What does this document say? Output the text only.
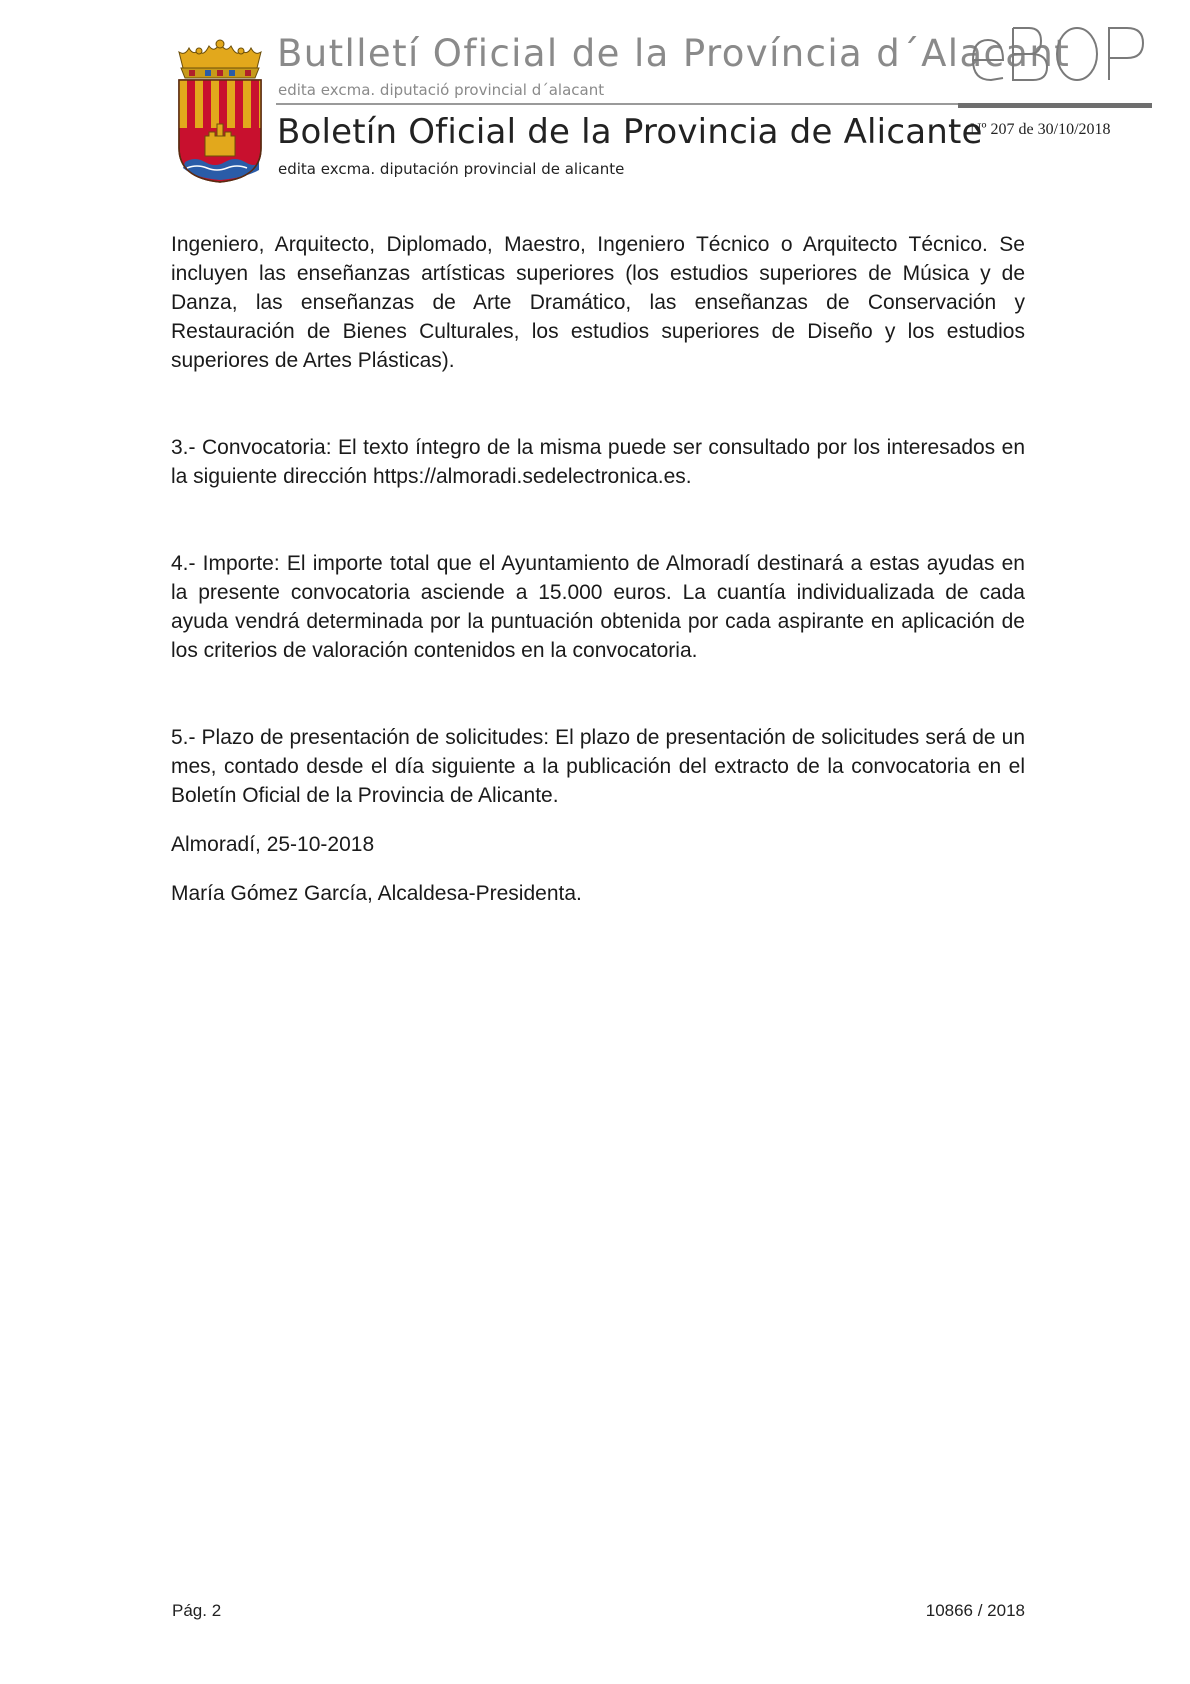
Butlletí Oficial de la Província d´Alacant
edita excma. diputació provincial d´alacant
Boletín Oficial de la Provincia de Alicante
edita excma. diputación provincial de alicante
Nº 207 de 30/10/2018

Ingeniero, Arquitecto, Diplomado, Maestro, Ingeniero Técnico o Arquitecto Técnico. Se incluyen las enseñanzas artísticas superiores (los estudios superiores de Música y de Danza, las enseñanzas de Arte Dramático, las enseñanzas de Conservación y Restauración de Bienes Culturales, los estudios superiores de Diseño y los estudios superiores de Artes Plásticas).

3.- Convocatoria: El texto íntegro de la misma puede ser consultado por los interesados en la siguiente dirección https://almoradi.sedelectronica.es.

4.- Importe: El importe total que el Ayuntamiento de Almoradí destinará a estas ayudas en la presente convocatoria asciende a 15.000 euros. La cuantía individualizada de cada ayuda vendrá determinada por la puntuación obtenida por cada aspirante en aplicación de los criterios de valoración contenidos en la convocatoria.

5.- Plazo de presentación de solicitudes: El plazo de presentación de solicitudes será de un mes, contado desde el día siguiente a la publicación del extracto de la convocatoria en el Boletín Oficial de la Provincia de Alicante.

Almoradí, 25-10-2018

María Gómez García, Alcaldesa-Presidenta.

Pág. 2	10866 / 2018
